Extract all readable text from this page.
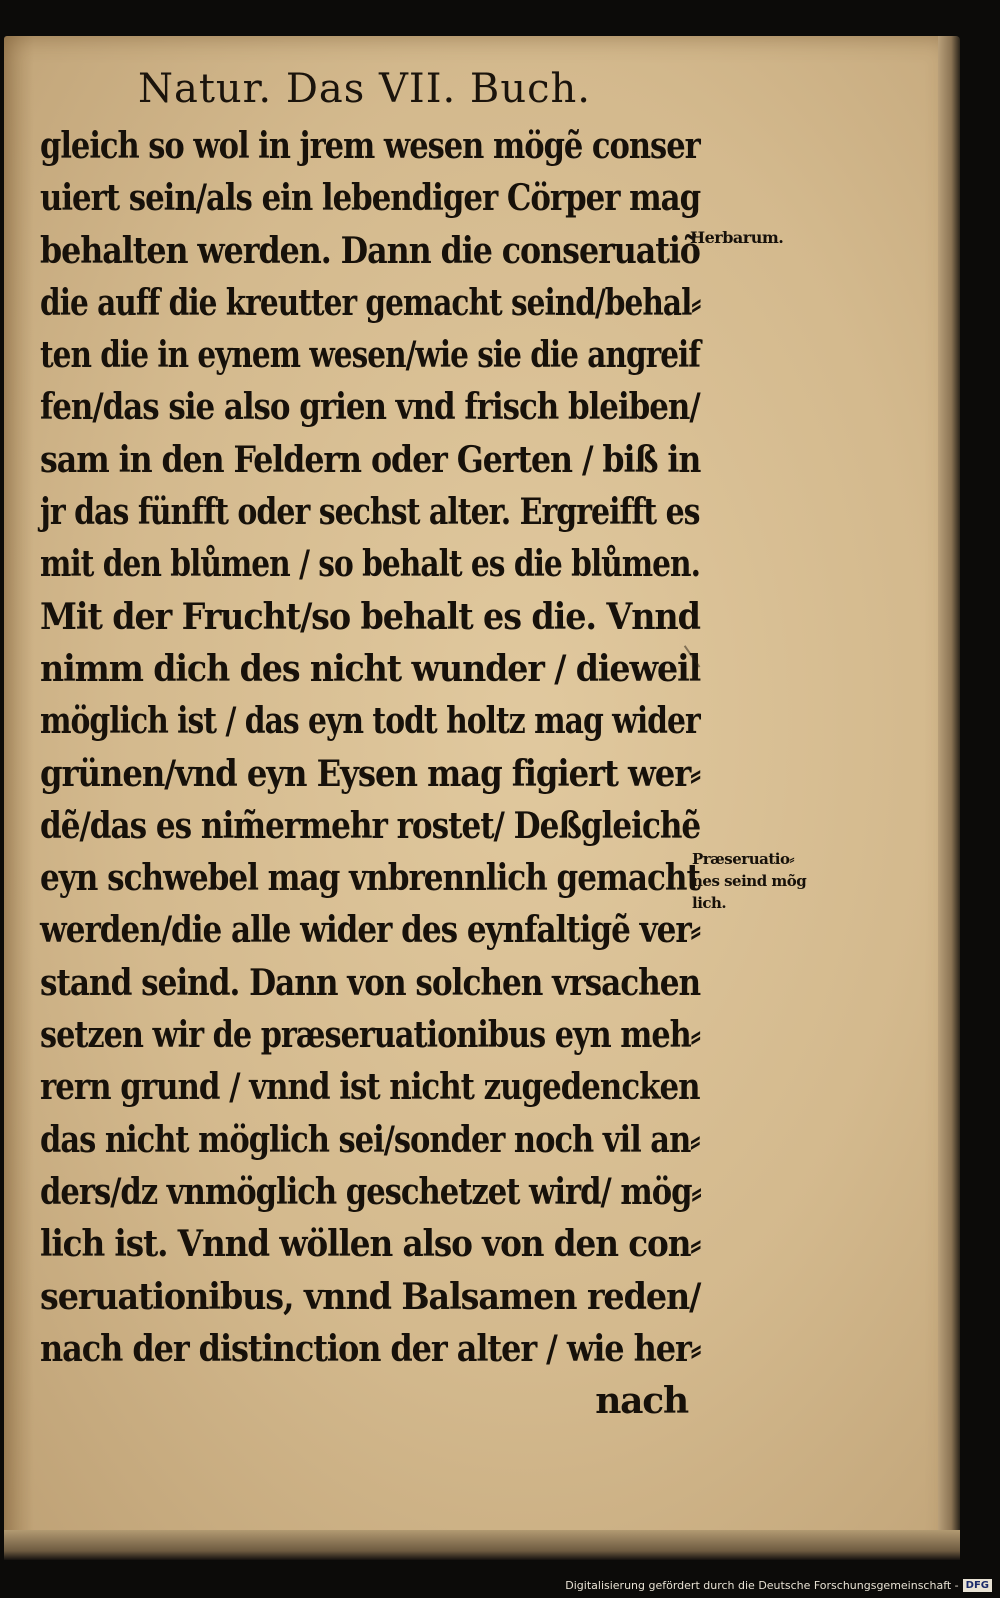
Natur. Das VII. Buch.
gleich so wol in jrem wesen mögẽ conser
uiert sein/als ein lebendiger Cörper mag
behalten werden. Dann die conseruatiõ
die auff die kreutter gemacht seind/behal⸗
ten die in eynem wesen/wie sie die angreif
fen/das sie also grien vnd frisch bleiben/
sam in den Feldern oder Gerten / biß in
jr das fünfft oder sechst alter. Ergreifft es
mit den blůmen / so behalt es die blůmen.
Mit der Frucht/so behalt es die. Vnnd
nimm dich des nicht wunder / dieweil
möglich ist / das eyn todt holtz mag wider
grünen/vnd eyn Eysen mag figiert wer⸗
dẽ/das es nim̃ermehr rostet/ Deßgleichẽ
eyn schwebel mag vnbrennlich gemacht
werden/die alle wider des eynfaltigẽ ver⸗
stand seind. Dann von solchen vrsachen
setzen wir de præseruationibus eyn meh⸗
rern grund / vnnd ist nicht zugedencken
das nicht möglich sei/sonder noch vil an⸗
ders/dz vnmöglich geschetzet wird/ mög⸗
lich ist. Vnnd wöllen also von den con⸗
seruationibus, vnnd Balsamen reden/
nach der distinction der alter / wie her⸗
nach
Herbarum.
Præseruatio⸗
nes seind mõg
lich.
Digitalisierung gefördert durch die Deutsche Forschungsgemeinschaft - DFG
